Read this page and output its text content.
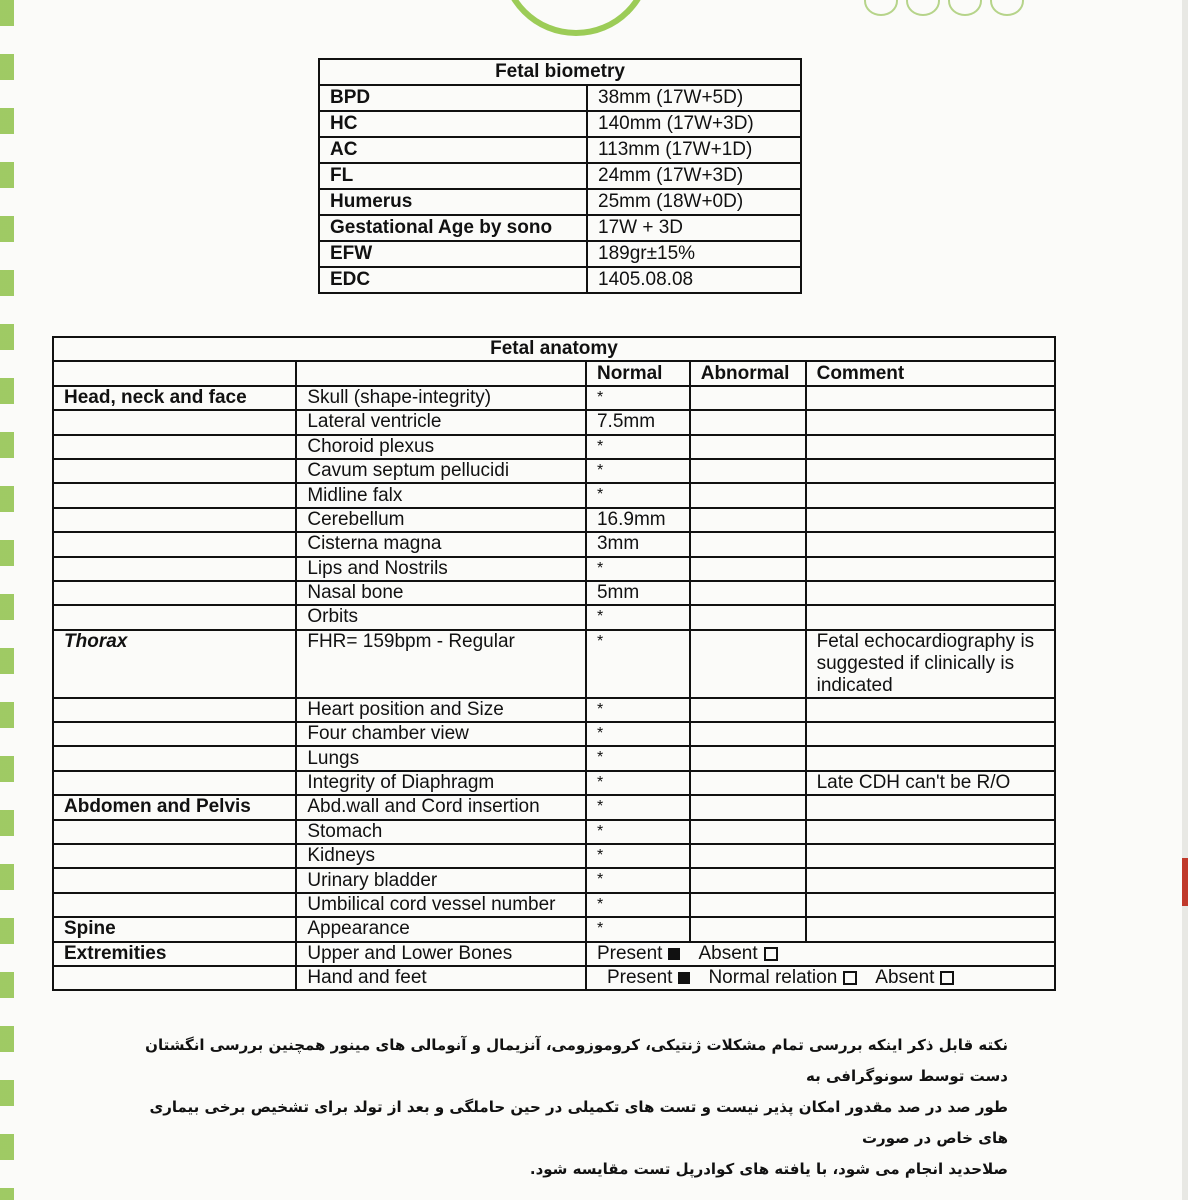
Fetal biometry	
BPD	38mm (17W+5D)
HC	140mm (17W+3D)
AC	113mm (17W+1D)
FL	24mm (17W+3D)
Humerus	25mm (18W+0D)
Gestational Age by sono	17W + 3D
EFW	189gr±15%
EDC	1405.08.08
Fetal anatomy				
		Normal	Abnormal	Comment
Head, neck and face	Skull (shape-integrity)	*		
	Lateral ventricle	7.5mm		
	Choroid plexus	*		
	Cavum septum pellucidi	*		
	Midline falx	*		
	Cerebellum	16.9mm		
	Cisterna magna	3mm		
	Lips and Nostrils	*		
	Nasal bone	5mm		
	Orbits	*		
Thorax	FHR= 159bpm - Regular	*		Fetal echocardiography is suggested if clinically is indicated
	Heart position and Size	*		
	Four chamber view	*		
	Lungs	*		
	Integrity of Diaphragm	*		Late CDH can't be R/O
Abdomen and Pelvis	Abd.wall and Cord insertion	*		
	Stomach	*		
	Kidneys	*		
	Urinary bladder	*		
	Umbilical cord vessel number	*		
Spine	Appearance	*		
Extremities	Upper and Lower Bones	Present Absent		
	Hand and feet	Present Normal relation Absent		
نکته قابل ذکر اینکه بررسی تمام مشکلات ژنتیکی، کروموزومی، آنزیمال و آنومالی های مینور همچنین بررسی انگشتان دست توسط سونوگرافی به
طور صد در صد مقدور امکان پذیر نیست و تست های تکمیلی در حین حاملگی و بعد از تولد برای تشخیص برخی بیماری های خاص در صورت
صلاحدید انجام می شود، با یافته های کوادرپل تست مقایسه شود.
